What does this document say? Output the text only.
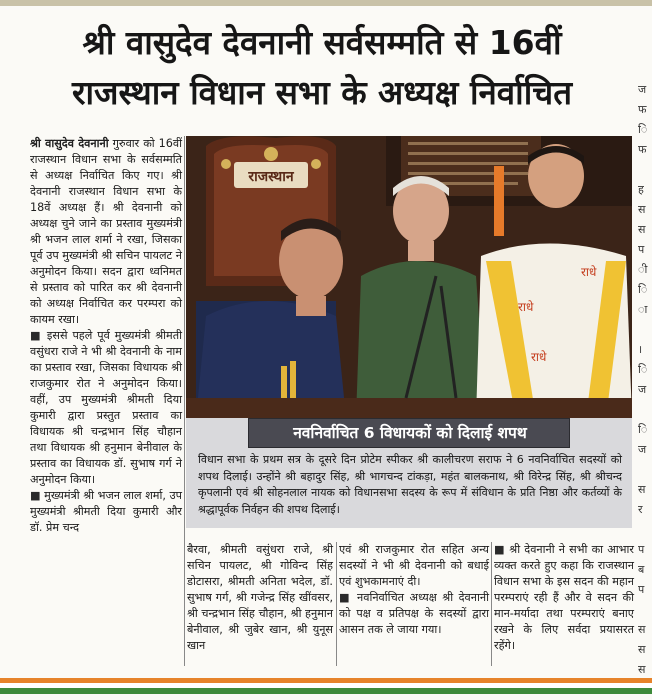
श्री वासुदेव देवनानी सर्वसम्मति से 16वीं
राजस्थान विधान सभा के अध्यक्ष निर्वाचित

श्री वासुदेव देवनानी गुरुवार को 16वीं राजस्थान विधान सभा के सर्वसम्मति से अध्यक्ष निर्वाचित किए गए। श्री देवनानी राजस्थान विधान सभा के 18वें अध्यक्ष हैं। श्री देवनानी को अध्यक्ष चुने जाने का प्रस्ताव मुख्यमंत्री श्री भजन लाल शर्मा ने रखा, जिसका पूर्व उप मुख्यमंत्री श्री सचिन पायलट ने अनुमोदन किया। सदन द्वारा ध्वनिमत से प्रस्ताव को पारित कर श्री देवनानी को अध्यक्ष निर्वाचित कर परम्परा को कायम रखा।

■ इससे पहले पूर्व मुख्यमंत्री श्रीमती वसुंधरा राजे ने भी श्री देवनानी के नाम का प्रस्ताव रखा, जिसका विधायक श्री राजकुमार रोत ने अनुमोदन किया। वहीं, उप मुख्यमंत्री श्रीमती दिया कुमारी द्वारा प्रस्तुत प्रस्ताव का विधायक श्री चन्द्रभान सिंह चौहान तथा विधायक श्री हनुमान बेनीवाल के प्रस्ताव का विधायक डॉ. सुभाष गर्ग ने अनुमोदन किया।

■ मुख्यमंत्री श्री भजन लाल शर्मा, उप मुख्यमंत्री श्रीमती दिया कुमारी और डॉ. प्रेम चन्द

राजस्थान
राधे
राधे
राधे
नवनिर्वाचित 6 विधायकों को दिलाई शपथ
विधान सभा के प्रथम सत्र के दूसरे दिन प्रोटेम स्पीकर श्री कालीचरण सराफ ने 6 नवनिर्वाचित सदस्यों को शपथ दिलाई। उन्होंने श्री बहादुर सिंह, श्री भागचन्द टांकड़ा, महंत बालकनाथ, श्री विरेन्द्र सिंह, श्री श्रीचन्द कृपलानी एवं श्री सोहनलाल नायक को विधानसभा सदस्य के रूप में संविधान के प्रति निष्ठा और कर्तव्यों के श्रद्धापूर्वक निर्वहन की शपथ दिलाई।

बैरवा, श्रीमती वसुंधरा राजे, श्री सचिन पायलट, श्री गोविन्द सिंह डोटासरा, श्रीमती अनिता भदेल, डॉ. सुभाष गर्ग, श्री गजेन्द्र सिंह खींवसर, श्री चन्द्रभान सिंह चौहान, श्री हनुमान बेनीवाल, श्री जुबेर खान, श्री युनूस खान

एवं श्री राजकुमार रोत सहित अन्य सदस्यों ने भी श्री देवनानी को बधाई एवं शुभकामनाएं दी।

■ नवनिर्वाचित अध्यक्ष श्री देवनानी को पक्ष व प्रतिपक्ष के सदस्यों द्वारा आसन तक ले जाया गया।

■ श्री देवनानी ने सभी का आभार व्यक्त करते हुए कहा कि राजस्थान विधान सभा के इस सदन की महान परम्पराएं रही हैं और वे सदन की मान-मर्यादा तथा परम्पराएं बनाए रखने के लिए सर्वदा प्रयासरत रहेंगे।

ज
फ
ि
फ

ह
स
स
प
ी
ि
ा

।
ि
ज

ि
ज

स
र

प
ब
प

स
स
स
